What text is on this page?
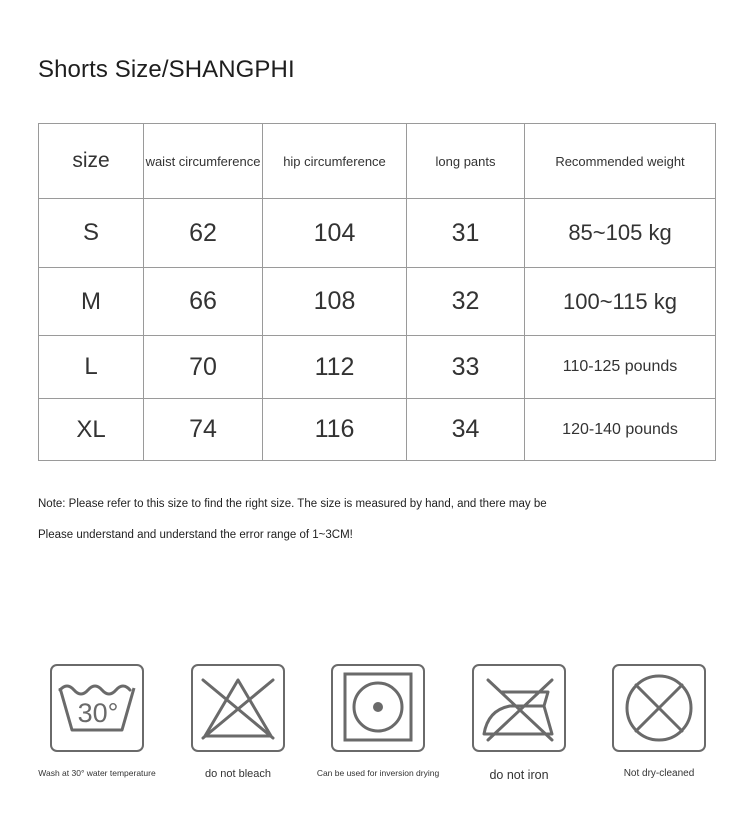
Shorts Size/SHANGPHI
size	waist circumference	hip circumference	long pants	Recommended weight
S	62	104	31	85~105 kg
M	66	108	32	100~115 kg
L	70	112	33	110-125 pounds
XL	74	116	34	120-140 pounds

Note: Please refer to this size to find the right size. The size is measured by hand, and there may be

Please understand and understand the error range of 1~3CM!

30°
Wash at 30° water temperature	do not bleach	Can be used for inversion drying	do not iron	Not dry-cleaned
